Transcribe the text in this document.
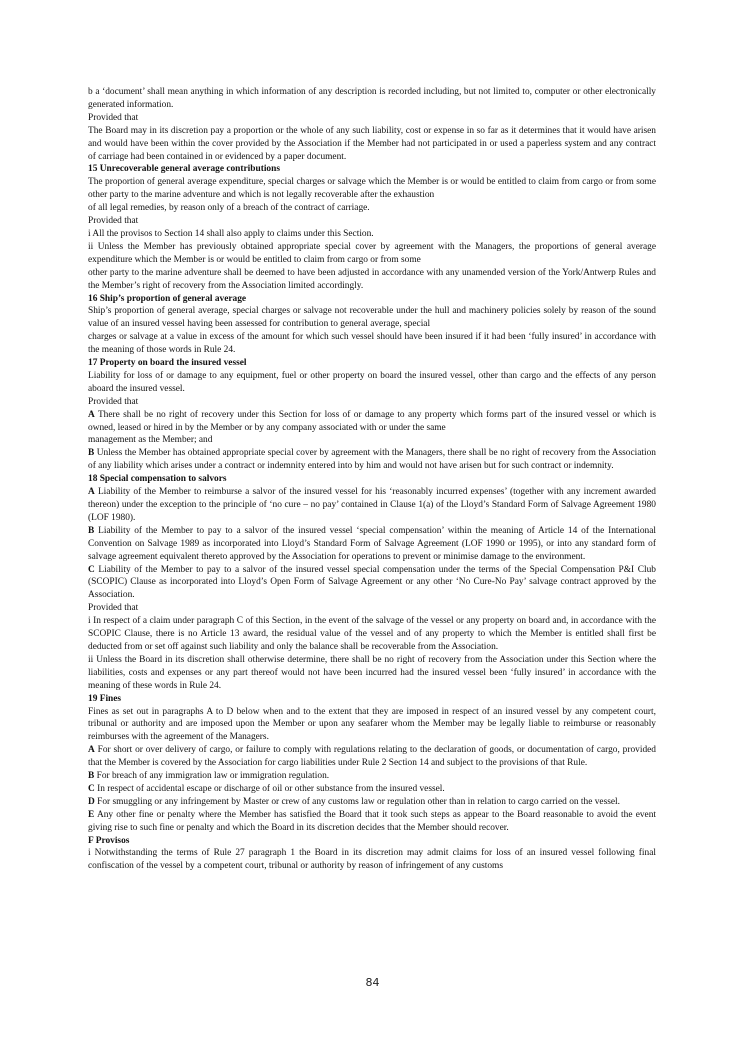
b a ‘document’ shall mean anything in which information of any description is recorded including, but not limited to, computer or other electronically generated information.

Provided that

The Board may in its discretion pay a proportion or the whole of any such liability, cost or expense in so far as it determines that it would have arisen and would have been within the cover provided by the Association if the Member had not participated in or used a paperless system and any contract of carriage had been contained in or evidenced by a paper document.

15 Unrecoverable general average contributions

The proportion of general average expenditure, special charges or salvage which the Member is or would be entitled to claim from cargo or from some other party to the marine adventure and which is not legally recoverable after the exhaustion

of all legal remedies, by reason only of a breach of the contract of carriage.

Provided that

i All the provisos to Section 14 shall also apply to claims under this Section.

ii Unless the Member has previously obtained appropriate special cover by agreement with the Managers, the proportions of general average expenditure which the Member is or would be entitled to claim from cargo or from some

other party to the marine adventure shall be deemed to have been adjusted in accordance with any unamended version of the York/Antwerp Rules and the Member’s right of recovery from the Association limited accordingly.

16 Ship’s proportion of general average

Ship’s proportion of general average, special charges or salvage not recoverable under the hull and machinery policies solely by reason of the sound value of an insured vessel having been assessed for contribution to general average, special

charges or salvage at a value in excess of the amount for which such vessel should have been insured if it had been ‘fully insured’ in accordance with the meaning of those words in Rule 24.

17 Property on board the insured vessel

Liability for loss of or damage to any equipment, fuel or other property on board the insured vessel, other than cargo and the effects of any person aboard the insured vessel.

Provided that

A There shall be no right of recovery under this Section for loss of or damage to any property which forms part of the insured vessel or which is owned, leased or hired in by the Member or by any company associated with or under the same

management as the Member; and

B Unless the Member has obtained appropriate special cover by agreement with the Managers, there shall be no right of recovery from the Association of any liability which arises under a contract or indemnity entered into by him and would not have arisen but for such contract or indemnity.

18 Special compensation to salvors

A Liability of the Member to reimburse a salvor of the insured vessel for his ‘reasonably incurred expenses’ (together with any increment awarded thereon) under the exception to the principle of ‘no cure – no pay’ contained in Clause 1(a) of the Lloyd’s Standard Form of Salvage Agreement 1980 (LOF 1980).

B Liability of the Member to pay to a salvor of the insured vessel ‘special compensation’ within the meaning of Article 14 of the International Convention on Salvage 1989 as incorporated into Lloyd’s Standard Form of Salvage Agreement (LOF 1990 or 1995), or into any standard form of salvage agreement equivalent thereto approved by the Association for operations to prevent or minimise damage to the environment.

C Liability of the Member to pay to a salvor of the insured vessel special compensation under the terms of the Special Compensation P&I Club (SCOPIC) Clause as incorporated into Lloyd’s Open Form of Salvage Agreement or any other ‘No Cure-No Pay’ salvage contract approved by the Association.

Provided that

i In respect of a claim under paragraph C of this Section, in the event of the salvage of the vessel or any property on board and, in accordance with the SCOPIC Clause, there is no Article 13 award, the residual value of the vessel and of any property to which the Member is entitled shall first be deducted from or set off against such liability and only the balance shall be recoverable from the Association.

ii Unless the Board in its discretion shall otherwise determine, there shall be no right of recovery from the Association under this Section where the liabilities, costs and expenses or any part thereof would not have been incurred had the insured vessel been ‘fully insured’ in accordance with the meaning of these words in Rule 24.

19 Fines

Fines as set out in paragraphs A to D below when and to the extent that they are imposed in respect of an insured vessel by any competent court, tribunal or authority and are imposed upon the Member or upon any seafarer whom the Member may be legally liable to reimburse or reasonably reimburses with the agreement of the Managers.

A For short or over delivery of cargo, or failure to comply with regulations relating to the declaration of goods, or documentation of cargo, provided that the Member is covered by the Association for cargo liabilities under Rule 2 Section 14 and subject to the provisions of that Rule.

B For breach of any immigration law or immigration regulation.

C In respect of accidental escape or discharge of oil or other substance from the insured vessel.

D For smuggling or any infringement by Master or crew of any customs law or regulation other than in relation to cargo carried on the vessel.

E Any other fine or penalty where the Member has satisfied the Board that it took such steps as appear to the Board reasonable to avoid the event giving rise to such fine or penalty and which the Board in its discretion decides that the Member should recover.

F Provisos

i Notwithstanding the terms of Rule 27 paragraph 1 the Board in its discretion may admit claims for loss of an insured vessel following final confiscation of the vessel by a competent court, tribunal or authority by reason of infringement of any customs

84
